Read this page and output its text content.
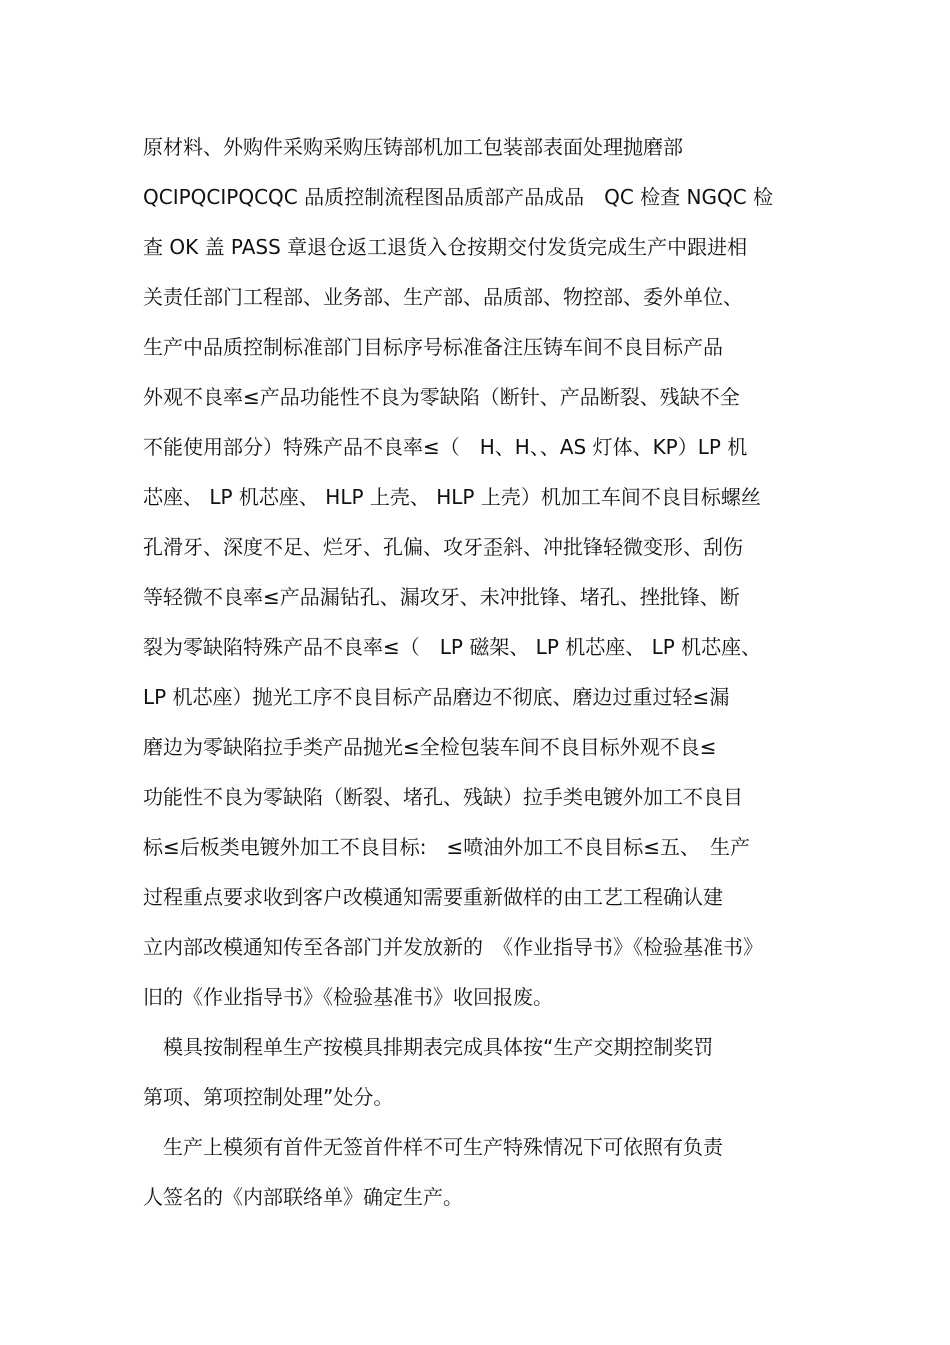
原材料、外购件采购采购压铸部机加工包装部表面处理抛磨部
QCIPQCIPQCQC 品质控制流程图品质部产品成品　QC 检查 NGQC 检
查 OK 盖 PASS 章退仓返工退货入仓按期交付发货完成生产中跟进相
关责任部门工程部、业务部、生产部、品质部、物控部、委外单位、
生产中品质控制标准部门目标序号标准备注压铸车间不良目标产品
外观不良率≤产品功能性不良为零缺陷（断针、产品断裂、残缺不全
不能使用部分）特殊产品不良率≤（　H、H、、AS 灯体、KP）LP 机
芯座、 LP 机芯座、 HLP 上壳、 HLP 上壳）机加工车间不良目标螺丝
孔滑牙、深度不足、烂牙、孔偏、攻牙歪斜、冲批锋轻微变形、刮伤
等轻微不良率≤产品漏钻孔、漏攻牙、未冲批锋、堵孔、挫批锋、断
裂为零缺陷特殊产品不良率≤（　LP 磁架、 LP 机芯座、 LP 机芯座、
LP 机芯座）抛光工序不良目标产品磨边不彻底、磨边过重过轻≤漏
磨边为零缺陷拉手类产品抛光≤全检包装车间不良目标外观不良≤
功能性不良为零缺陷（断裂、堵孔、残缺）拉手类电镀外加工不良目
标≤后板类电镀外加工不良目标:　≤喷油外加工不良目标≤五、　生产
过程重点要求收到客户改模通知需要重新做样的由工艺工程确认建
立内部改模通知传至各部门并发放新的　《作业指导书》《检验基准书》
旧的《作业指导书》《检验基准书》收回报废。
　模具按制程单生产按模具排期表完成具体按“生产交期控制奖罚
第项、第项控制处理”处分。
　生产上模须有首件无签首件样不可生产特殊情况下可依照有负责
人签名的《内部联络单》确定生产。
